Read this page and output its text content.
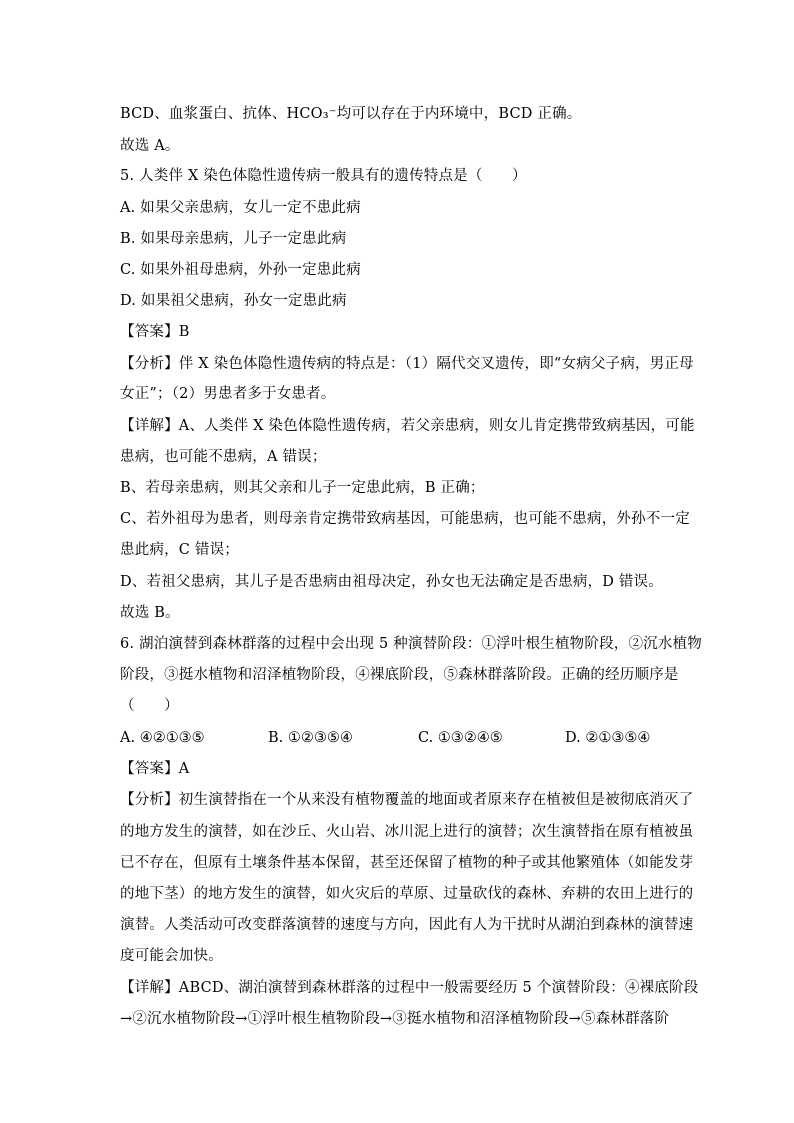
BCD、血浆蛋白、抗体、HCO₃⁻均可以存在于内环境中，BCD 正确。
故选 A。
5. 人类伴 X 染色体隐性遗传病一般具有的遗传特点是（　　）
A. 如果父亲患病，女儿一定不患此病
B. 如果母亲患病，儿子一定患此病
C. 如果外祖母患病，外孙一定患此病
D. 如果祖父患病，孙女一定患此病
【答案】B
【分析】伴 X 染色体隐性遗传病的特点是：（1）隔代交叉遗传，即“女病父子病，男正母
女正”；（2）男患者多于女患者。
【详解】A、人类伴 X 染色体隐性遗传病，若父亲患病，则女儿肯定携带致病基因，可能
患病，也可能不患病，A 错误；
B、若母亲患病，则其父亲和儿子一定患此病，B 正确；
C、若外祖母为患者，则母亲肯定携带致病基因，可能患病，也可能不患病，外孙不一定
患此病，C 错误；
D、若祖父患病，其儿子是否患病由祖母决定，孙女也无法确定是否患病，D 错误。
故选 B。
6. 湖泊演替到森林群落的过程中会出现 5 种演替阶段：①浮叶根生植物阶段，②沉水植物
阶段，③挺水植物和沼泽植物阶段，④裸底阶段，⑤森林群落阶段。正确的经历顺序是
（　　）
【答案】A
【分析】初生演替指在一个从来没有植物覆盖的地面或者原来存在植被但是被彻底消灭了
的地方发生的演替，如在沙丘、火山岩、冰川泥上进行的演替；次生演替指在原有植被虽
已不存在，但原有土壤条件基本保留，甚至还保留了植物的种子或其他繁殖体（如能发芽
的地下茎）的地方发生的演替，如火灾后的草原、过量砍伐的森林、弃耕的农田上进行的
演替。人类活动可改变群落演替的速度与方向，因此有人为干扰时从湖泊到森林的演替速
度可能会加快。
【详解】ABCD、湖泊演替到森林群落的过程中一般需要经历 5 个演替阶段：④裸底阶段
→②沉水植物阶段→①浮叶根生植物阶段→③挺水植物和沼泽植物阶段→⑤森林群落阶
A. ④②①③⑤	B. ①②③⑤④	C. ①③②④⑤	D. ②①③⑤④
